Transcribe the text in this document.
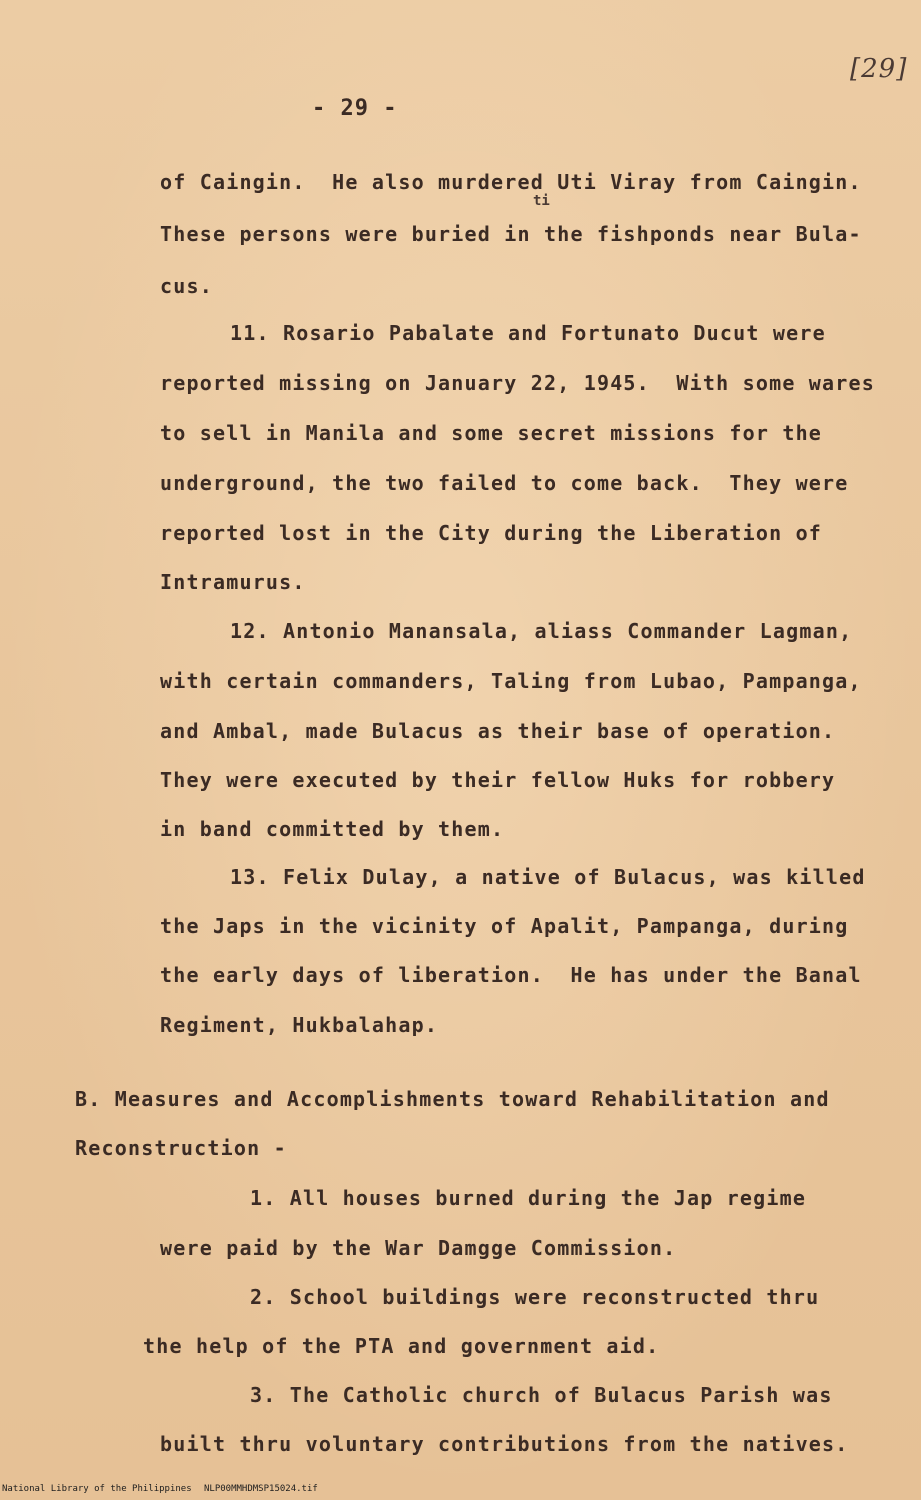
[29]
- 29 -
ti
of Caingin.  He also murdered Uti Viray from Caingin.
These persons were buried in the fishponds near Bula-
cus.
11. Rosario Pabalate and Fortunato Ducut were
reported missing on January 22, 1945.  With some wares
to sell in Manila and some secret missions for the
underground, the two failed to come back.  They were
reported lost in the City during the Liberation of
Intramurus.
12. Antonio Manansala, aliass Commander Lagman,
with certain commanders, Taling from Lubao, Pampanga,
and Ambal, made Bulacus as their base of operation.
They were executed by their fellow Huks for robbery
in band committed by them.
13. Felix Dulay, a native of Bulacus, was killed
the Japs in the vicinity of Apalit, Pampanga, during
the early days of liberation.  He has under the Banal
Regiment, Hukbalahap.
B. Measures and Accomplishments toward Rehabilitation and
Reconstruction -
1. All houses burned during the Jap regime
were paid by the War Damgge Commission.
2. School buildings were reconstructed thru
the help of the PTA and government aid.
3. The Catholic church of Bulacus Parish was
built thru voluntary contributions from the natives.
National Library of the Philippines NLP00MMHDMSP15024.tif
